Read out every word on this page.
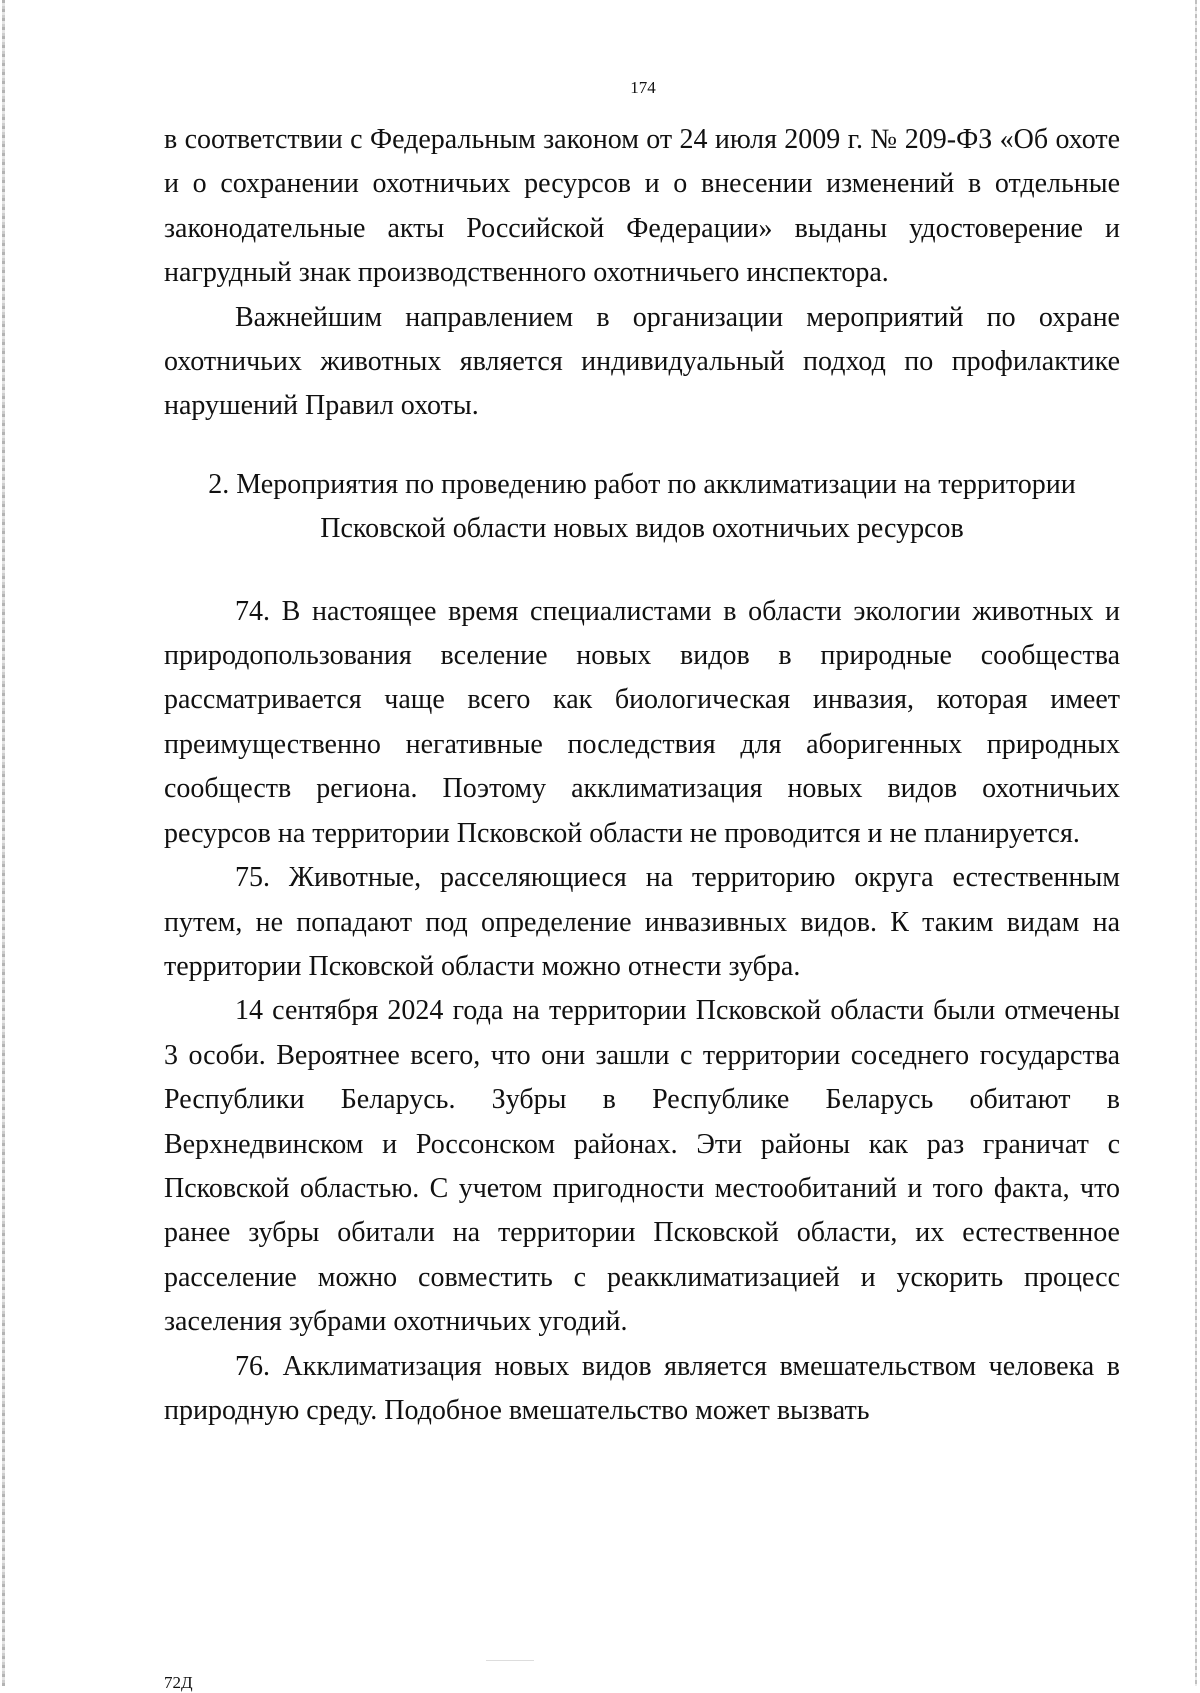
174

в соответствии с Федеральным законом от 24 июля 2009 г. № 209-ФЗ «Об охоте и о сохранении охотничьих ресурсов и о внесении изменений в отдельные законодательные акты Российской Федерации» выданы удостоверение и нагрудный знак производственного охотничьего инспектора.

Важнейшим направлением в организации мероприятий по охране охотничьих животных является индивидуальный подход по профилактике нарушений Правил охоты.

2. Мероприятия по проведению работ по акклиматизации на территории
Псковской области новых видов охотничьих ресурсов

74. В настоящее время специалистами в области экологии животных и природопользования вселение новых видов в природные сообщества рассматривается чаще всего как биологическая инвазия, которая имеет преимущественно негативные последствия для аборигенных природных сообществ региона. Поэтому акклиматизация новых видов охотничьих ресурсов на территории Псковской области не проводится и не планируется.

75. Животные, расселяющиеся на территорию округа естественным путем, не попадают под определение инвазивных видов. К таким видам на территории Псковской области можно отнести зубра.

14 сентября 2024 года на территории Псковской области были отмечены 3 особи. Вероятнее всего, что они зашли с территории соседнего государства Республики Беларусь. Зубры в Республике Беларусь обитают в Верхнедвинском и Россонском районах. Эти районы как раз граничат с Псковской областью. С учетом пригодности местообитаний и того факта, что ранее зубры обитали на территории Псковской области, их естественное расселение можно совместить с реакклиматизацией и ускорить процесс заселения зубрами охотничьих угодий.

76. Акклиматизация новых видов является вмешательством человека в природную среду. Подобное вмешательство может вызвать

72Д
